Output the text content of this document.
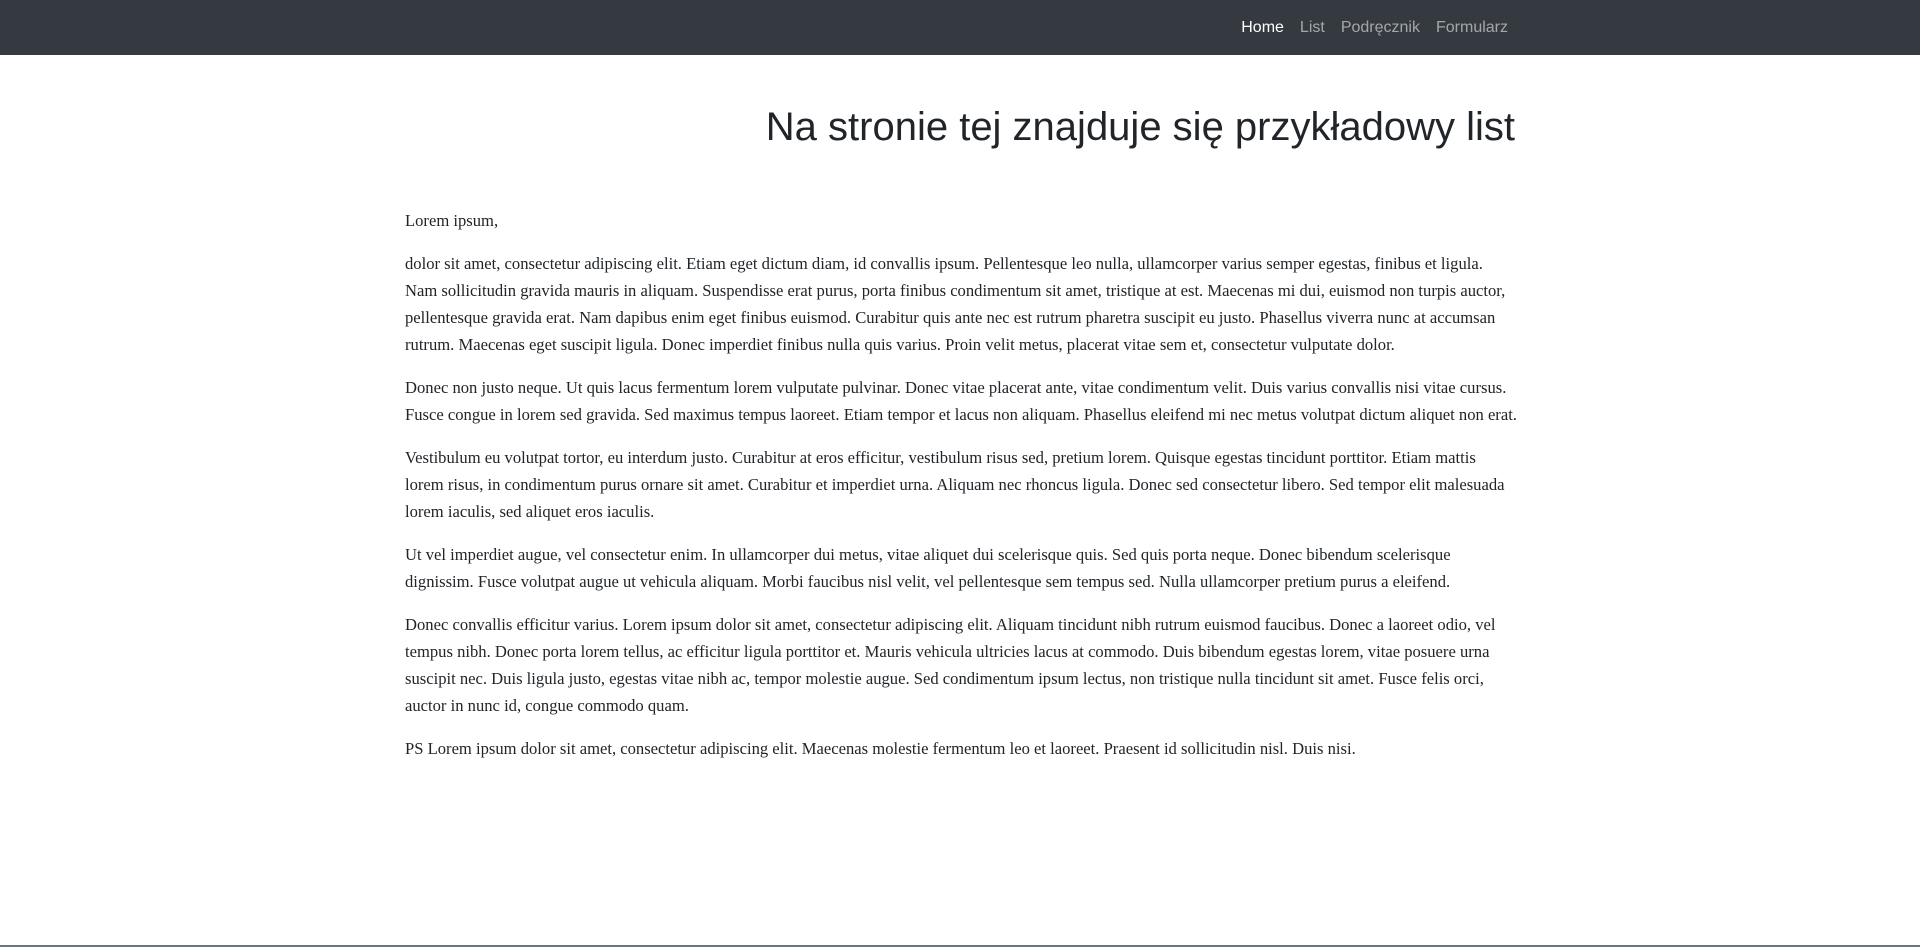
Home List Podręcznik Formularz
Na stronie tej znajduje się przykładowy list

Lorem ipsum,

dolor sit amet, consectetur adipiscing elit. Etiam eget dictum diam, id convallis ipsum. Pellentesque leo nulla, ullamcorper varius semper egestas, finibus et ligula. Nam sollicitudin gravida mauris in aliquam. Suspendisse erat purus, porta finibus condimentum sit amet, tristique at est. Maecenas mi dui, euismod non turpis auctor, pellentesque gravida erat. Nam dapibus enim eget finibus euismod. Curabitur quis ante nec est rutrum pharetra suscipit eu justo. Phasellus viverra nunc at accumsan rutrum. Maecenas eget suscipit ligula. Donec imperdiet finibus nulla quis varius. Proin velit metus, placerat vitae sem et, consectetur vulputate dolor.

Donec non justo neque. Ut quis lacus fermentum lorem vulputate pulvinar. Donec vitae placerat ante, vitae condimentum velit. Duis varius convallis nisi vitae cursus. Fusce congue in lorem sed gravida. Sed maximus tempus laoreet. Etiam tempor et lacus non aliquam. Phasellus eleifend mi nec metus volutpat dictum aliquet non erat.

Vestibulum eu volutpat tortor, eu interdum justo. Curabitur at eros efficitur, vestibulum risus sed, pretium lorem. Quisque egestas tincidunt porttitor. Etiam mattis lorem risus, in condimentum purus ornare sit amet. Curabitur et imperdiet urna. Aliquam nec rhoncus ligula. Donec sed consectetur libero. Sed tempor elit malesuada lorem iaculis, sed aliquet eros iaculis.

Ut vel imperdiet augue, vel consectetur enim. In ullamcorper dui metus, vitae aliquet dui scelerisque quis. Sed quis porta neque. Donec bibendum scelerisque dignissim. Fusce volutpat augue ut vehicula aliquam. Morbi faucibus nisl velit, vel pellentesque sem tempus sed. Nulla ullamcorper pretium purus a eleifend.

Donec convallis efficitur varius. Lorem ipsum dolor sit amet, consectetur adipiscing elit. Aliquam tincidunt nibh rutrum euismod faucibus. Donec a laoreet odio, vel tempus nibh. Donec porta lorem tellus, ac efficitur ligula porttitor et. Mauris vehicula ultricies lacus at commodo. Duis bibendum egestas lorem, vitae posuere urna suscipit nec. Duis ligula justo, egestas vitae nibh ac, tempor molestie augue. Sed condimentum ipsum lectus, non tristique nulla tincidunt sit amet. Fusce felis orci, auctor in nunc id, congue commodo quam.

PS Lorem ipsum dolor sit amet, consectetur adipiscing elit. Maecenas molestie fermentum leo et laoreet. Praesent id sollicitudin nisl. Duis nisi.
